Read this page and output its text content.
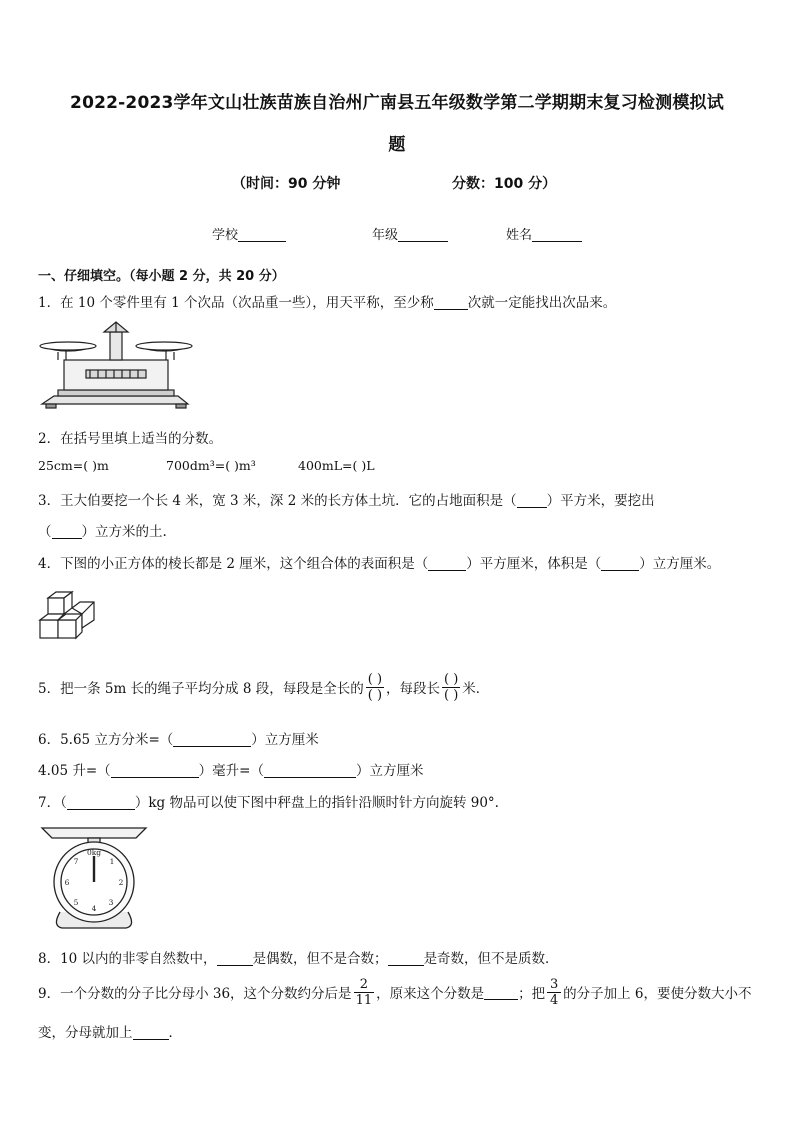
2022-2023学年文山壮族苗族自治州广南县五年级数学第二学期期末复习检测模拟试
题
（时间：90 分钟	分数：100 分）
学校	年级	姓名
一、仔细填空。（每小题 2 分，共 20 分）
1．在 10 个零件里有 1 个次品（次品重一些），用天平称，至少称	次就一定能找出次品来。
2．在括号里填上适当的分数。
25cm=( )m	700dm³=( )m³	400mL=( )L
3．王大伯要挖一个长 4 米，宽 3 米，深 2 米的长方体土坑．它的占地面积是（ ）平方米，要挖出
（ ）立方米的土.
4．下图的小正方体的棱长都是 2 厘米，这个组合体的表面积是（	）平方厘米，体积是（	）立方厘米。
5．把一条 5m 长的绳子平均分成 8 段，每段是全长的 $\frac{( )}{( )}$ ，每段长 $\frac{( )}{( )}$ 米．
6．5.65 立方分米=（	）立方厘米
4.05 升=（	）毫升=（	）立方厘米
7．（	）kg 物品可以使下图中秤盘上的指针沿顺时针方向旋转 90°.
0kg
1
2
3
4
5
6
7
8．10 以内的非零自然数中，	是偶数，但不是合数；	是奇数，但不是质数．
9．一个分数的分子比分母小 36，这个分数约分后是 $\frac{2}{11}$ ，原来这个分数是	；把 $\frac{3}{4}$ 的分子加上 6，要使分数大小不
变，分母就加上	．
